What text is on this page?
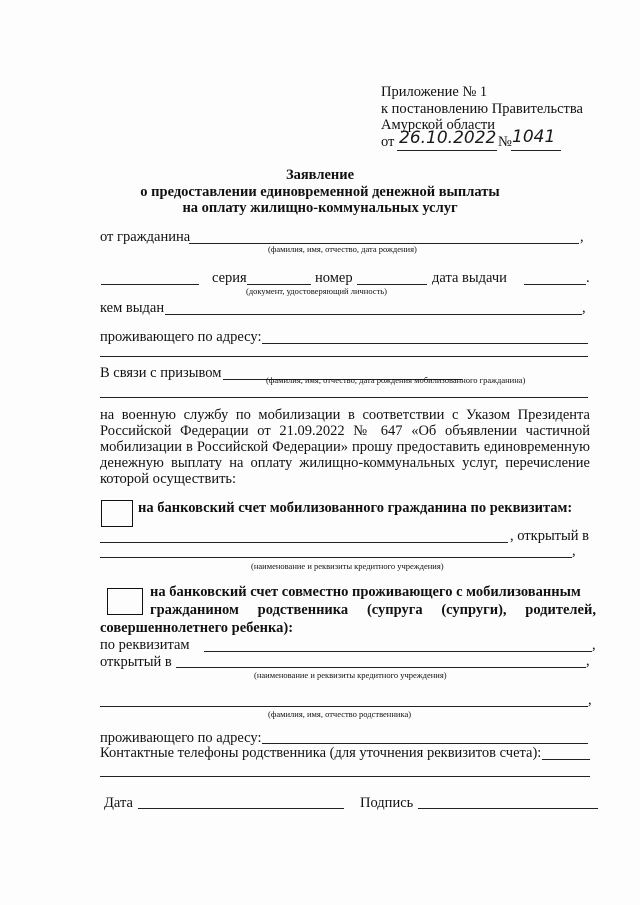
Приложение № 1
к постановлению Правительства
Амурской области
от 26.10.2022 № 1041
Заявление
о предоставлении единовременной денежной выплаты
на оплату жилищно-коммунальных услуг
от гражданина	,
(фамилия, имя, отчество, дата рождения)
серия	номер	дата выдачи	.
(документ, удостоверяющий личность)
кем выдан	,
проживающего по адресу:
В связи с призывом	(фамилия, имя, отчество, дата рождения мобилизованного гражданина)
на военную службу по мобилизации в соответствии с Указом Президента
Российской Федерации от 21.09.2022 № 647 «Об объявлении частичной
мобилизации в Российской Федерации» прошу предоставить единовременную
денежную выплату на оплату жилищно-коммунальных услуг, перечисление
которой осуществить:
на банковский счет мобилизованного гражданина по реквизитам:
, открытый в
,
(наименование и реквизиты кредитного учреждения)
на банковский счет совместно проживающего с мобилизованным
гражданином родственника (супруга (супруги), родителей,
совершеннолетнего ребенка):
по реквизитам	,
открытый в	,
(наименование и реквизиты кредитного учреждения)
,
(фамилия, имя, отчество родственника)
проживающего по адресу:
Контактные телефоны родственника (для уточнения реквизитов счета):
Дата	Подпись
